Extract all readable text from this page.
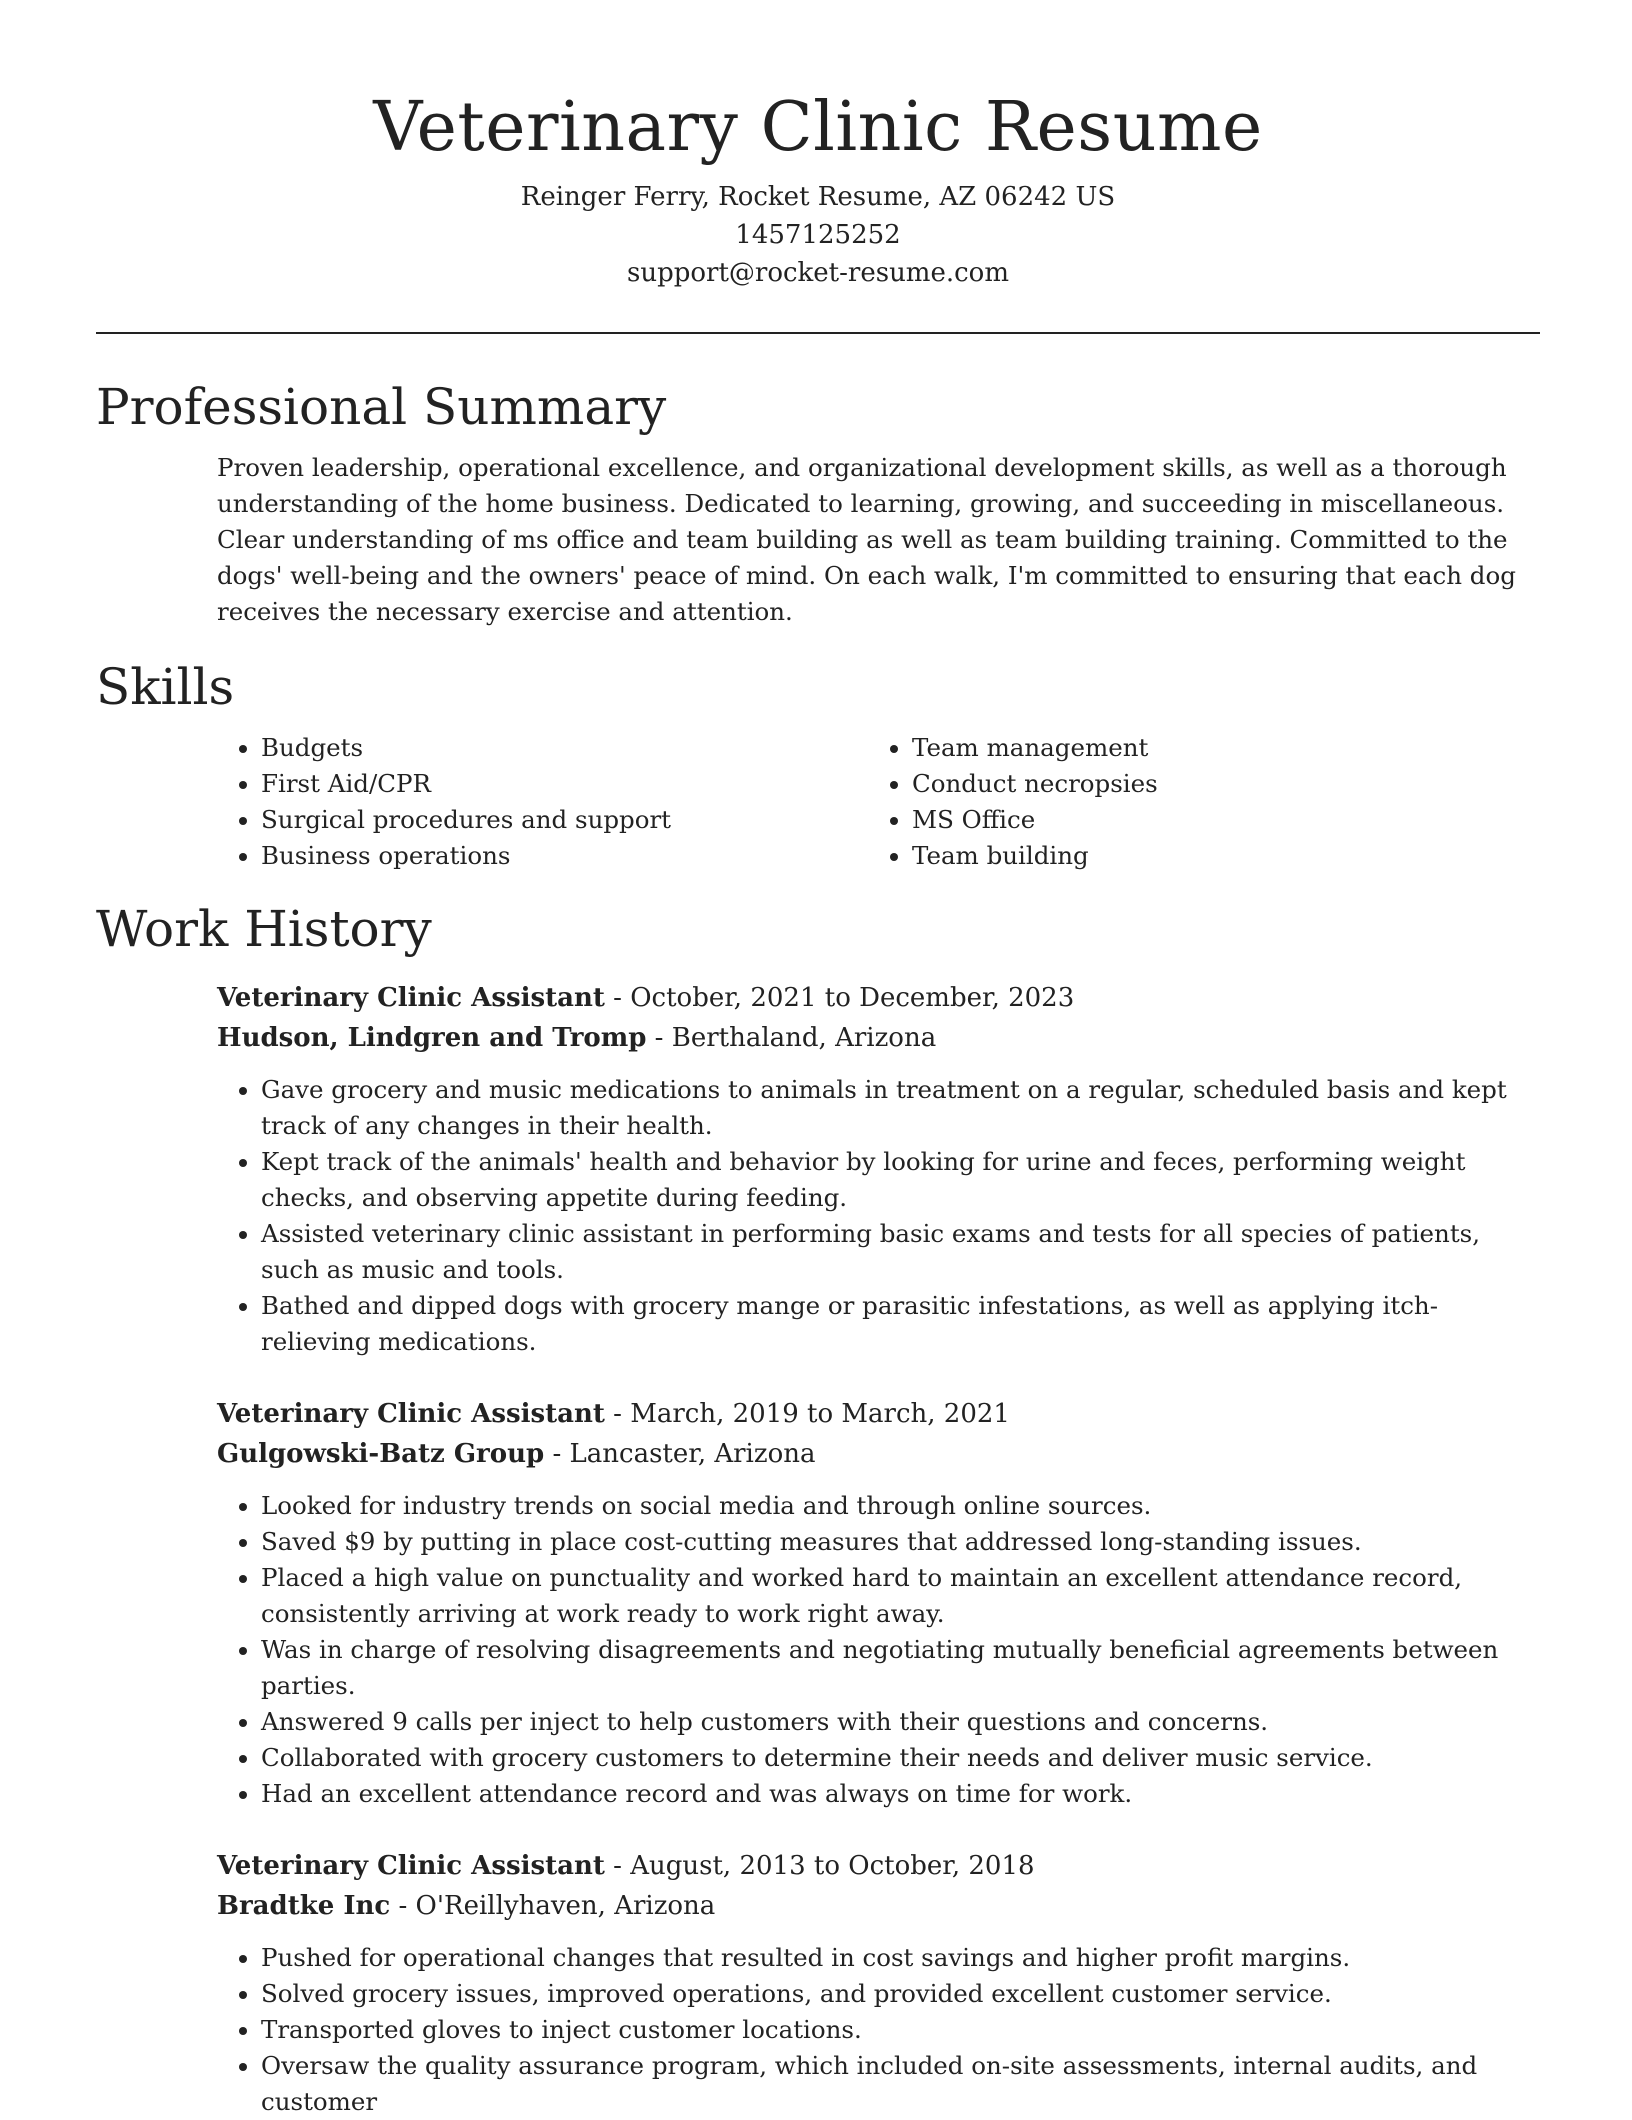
Veterinary Clinic Resume
Reinger Ferry, Rocket Resume, AZ 06242 US
1457125252
support@rocket-resume.com
Professional Summary
Proven leadership, operational excellence, and organizational development skills, as well as a thorough understanding of the home business. Dedicated to learning, growing, and succeeding in miscellaneous. Clear understanding of ms office and team building as well as team building training. Committed to the dogs' well-being and the owners' peace of mind. On each walk, I'm committed to ensuring that each dog receives the necessary exercise and attention.
Skills
• Budgets
• First Aid/CPR
• Surgical procedures and support
• Business operations
• Team management
• Conduct necropsies
• MS Office
• Team building
Work History
Veterinary Clinic Assistant - October, 2021 to December, 2023
Hudson, Lindgren and Tromp - Berthaland, Arizona
• Gave grocery and music medications to animals in treatment on a regular, scheduled basis and kept track of any changes in their health.
• Kept track of the animals' health and behavior by looking for urine and feces, performing weight checks, and observing appetite during feeding.
• Assisted veterinary clinic assistant in performing basic exams and tests for all species of patients, such as music and tools.
• Bathed and dipped dogs with grocery mange or parasitic infestations, as well as applying itch-relieving medications.
Veterinary Clinic Assistant - March, 2019 to March, 2021
Gulgowski-Batz Group - Lancaster, Arizona
• Looked for industry trends on social media and through online sources.
• Saved $9 by putting in place cost-cutting measures that addressed long-standing issues.
• Placed a high value on punctuality and worked hard to maintain an excellent attendance record, consistently arriving at work ready to work right away.
• Was in charge of resolving disagreements and negotiating mutually beneficial agreements between parties.
• Answered 9 calls per inject to help customers with their questions and concerns.
• Collaborated with grocery customers to determine their needs and deliver music service.
• Had an excellent attendance record and was always on time for work.
Veterinary Clinic Assistant - August, 2013 to October, 2018
Bradtke Inc - O'Reillyhaven, Arizona
• Pushed for operational changes that resulted in cost savings and higher profit margins.
• Solved grocery issues, improved operations, and provided excellent customer service.
• Transported gloves to inject customer locations.
• Oversaw the quality assurance program, which included on-site assessments, internal audits, and customer
